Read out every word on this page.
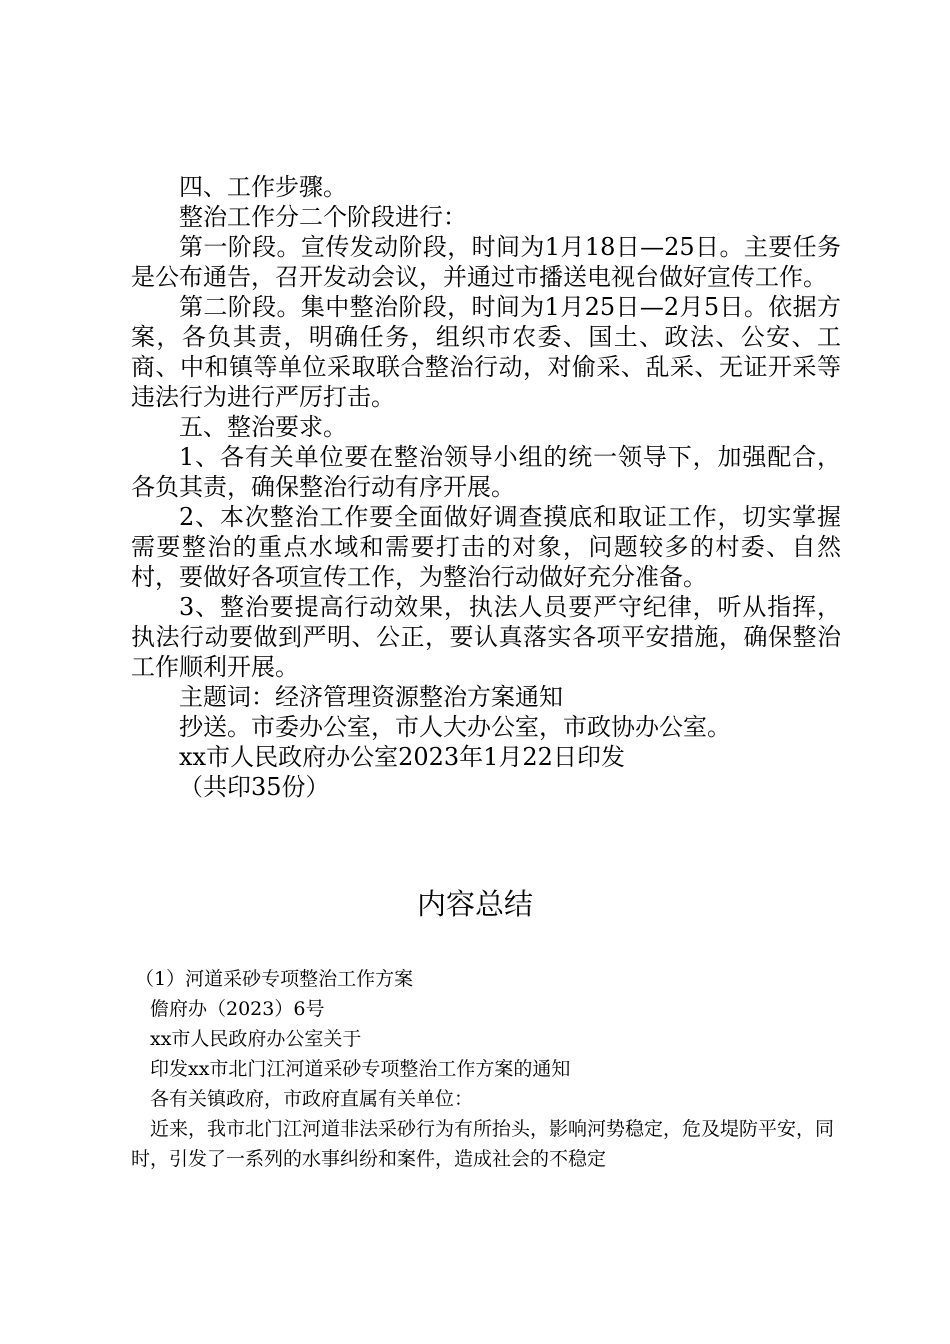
四、工作步骤。

整治工作分二个阶段进行：

第一阶段。宣传发动阶段，时间为1月18日—25日。主要任务是公布通告，召开发动会议，并通过市播送电视台做好宣传工作。

第二阶段。集中整治阶段，时间为1月25日—2月5日。依据方案，各负其责，明确任务，组织市农委、国土、政法、公安、工商、中和镇等单位采取联合整治行动，对偷采、乱采、无证开采等违法行为进行严厉打击。

五、整治要求。

1、各有关单位要在整治领导小组的统一领导下，加强配合，各负其责，确保整治行动有序开展。

2、本次整治工作要全面做好调查摸底和取证工作，切实掌握需要整治的重点水域和需要打击的对象，问题较多的村委、自然村，要做好各项宣传工作，为整治行动做好充分准备。

3、整治要提高行动效果，执法人员要严守纪律，听从指挥，执法行动要做到严明、公正，要认真落实各项平安措施，确保整治工作顺利开展。

主题词：经济管理资源整治方案通知

抄送。市委办公室，市人大办公室，市政协办公室。

xx市人民政府办公室2023年1月22日印发

（共印35份）

内容总结

（1）河道采砂专项整治工作方案

儋府办（2023）6号

xx市人民政府办公室关于

印发xx市北门江河道采砂专项整治工作方案的通知

各有关镇政府，市政府直属有关单位：

近来，我市北门江河道非法采砂行为有所抬头，影响河势稳定，危及堤防平安，同时，引发了一系列的水事纠纷和案件，造成社会的不稳定
